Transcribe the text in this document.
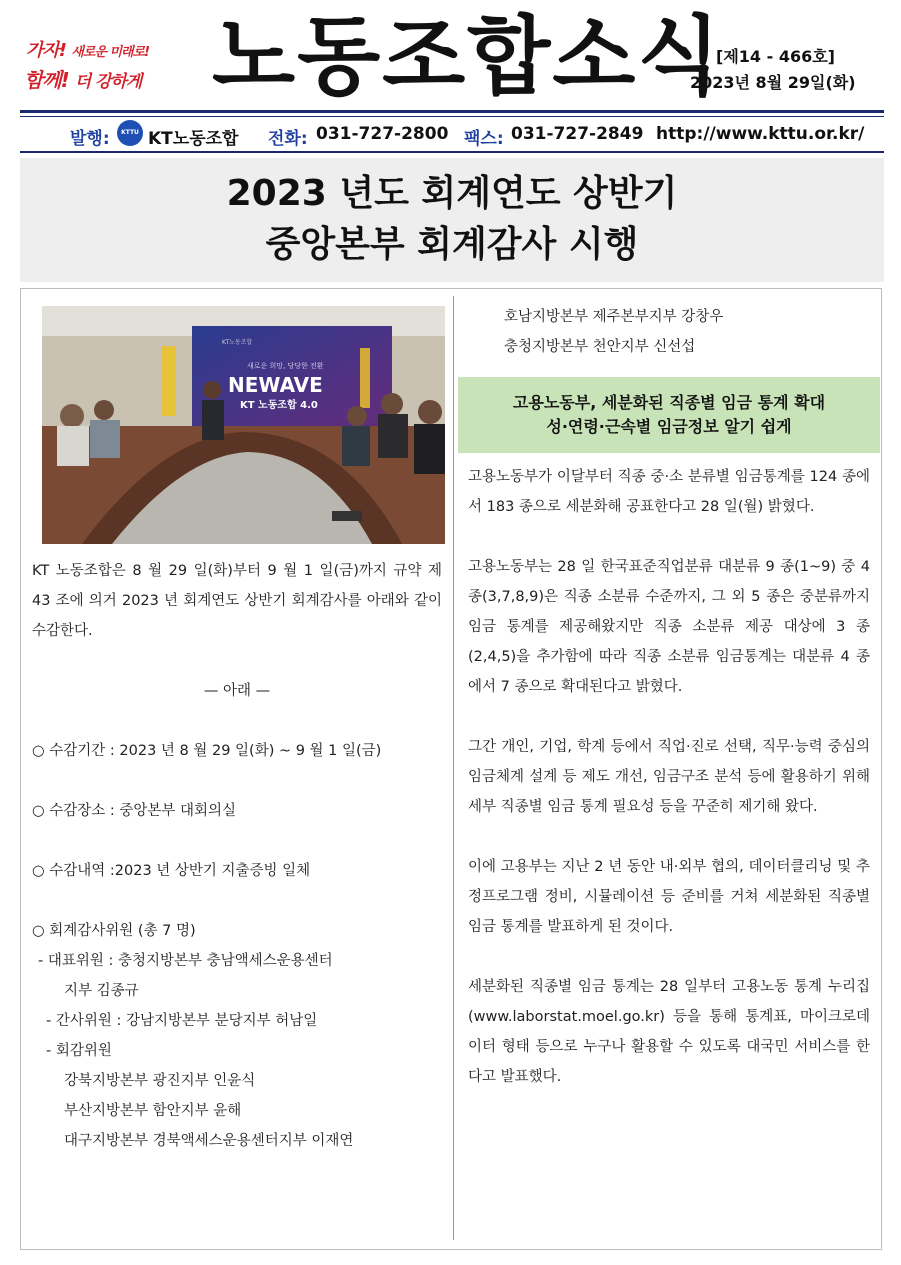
가자! 새로운 미래로!
함께! 더 강하게 노동조합소식
[제14 - 466호]
2023년 8월 29일(화)
발행:	KTTU KT노동조합 전화: 031-727-2800 팩스: 031-727-2849 http://www.kttu.or.kr/
2023 년도 회계연도 상반기
중앙본부 회계감사 시행
새로운 희망, 당당한 전환
NEWAVE
KT 노동조합 4.0
KT노동조합

KT 노동조합은 8 월 29 일(화)부터 9 월 1 일(금)까지 규약 제 43 조에 의거 2023 년 회계연도 상반기 회계감사를 아래와 같이 수감한다.

— 아래 —

○ 수감기간 : 2023 년 8 월 29 일(화) ~ 9 월 1 일(금)

○ 수감장소 : 중앙본부 대회의실

○ 수감내역 :2023 년 상반기 지출증빙 일체

○ 회계감사위원 (총 7 명)

- 대표위원 : 충청지방본부 충남액세스운용센터

지부 김종규

- 간사위원 : 강남지방본부 분당지부 허남일

- 회감위원

강북지방본부 광진지부 인윤식

부산지방본부 함안지부 윤해

대구지방본부 경북액세스운용센터지부 이재연

호남지방본부 제주본부지부 강창우
충청지방본부 천안지부 신선섭
고용노동부, 세분화된 직종별 임금 통계 확대
성·연령·근속별 임금정보 알기 쉽게

고용노동부가 이달부터 직종 중·소 분류별 임금통계를 124 종에서 183 종으로 세분화해 공표한다고 28 일(월) 밝혔다.

고용노동부는 28 일 한국표준직업분류 대분류 9 종(1~9) 중 4 종(3,7,8,9)은 직종 소분류 수준까지, 그 외 5 종은 중분류까지 임금 통계를 제공해왔지만 직종 소분류 제공 대상에 3 종(2,4,5)을 추가함에 따라 직종 소분류 임금통계는 대분류 4 종에서 7 종으로 확대된다고 밝혔다.

그간 개인, 기업, 학계 등에서 직업·진로 선택, 직무·능력 중심의 임금체계 설계 등 제도 개선, 임금구조 분석 등에 활용하기 위해 세부 직종별 임금 통계 필요성 등을 꾸준히 제기해 왔다.

이에 고용부는 지난 2 년 동안 내·외부 협의, 데이터클리닝 및 추정프로그램 정비, 시뮬레이션 등 준비를 거쳐 세분화된 직종별 임금 통계를 발표하게 된 것이다.

세분화된 직종별 임금 통계는 28 일부터 고용노동 통계 누리집 (www.laborstat.moel.go.kr) 등을 통해 통계표, 마이크로데이터 형태 등으로 누구나 활용할 수 있도록 대국민 서비스를 한다고 발표했다.
